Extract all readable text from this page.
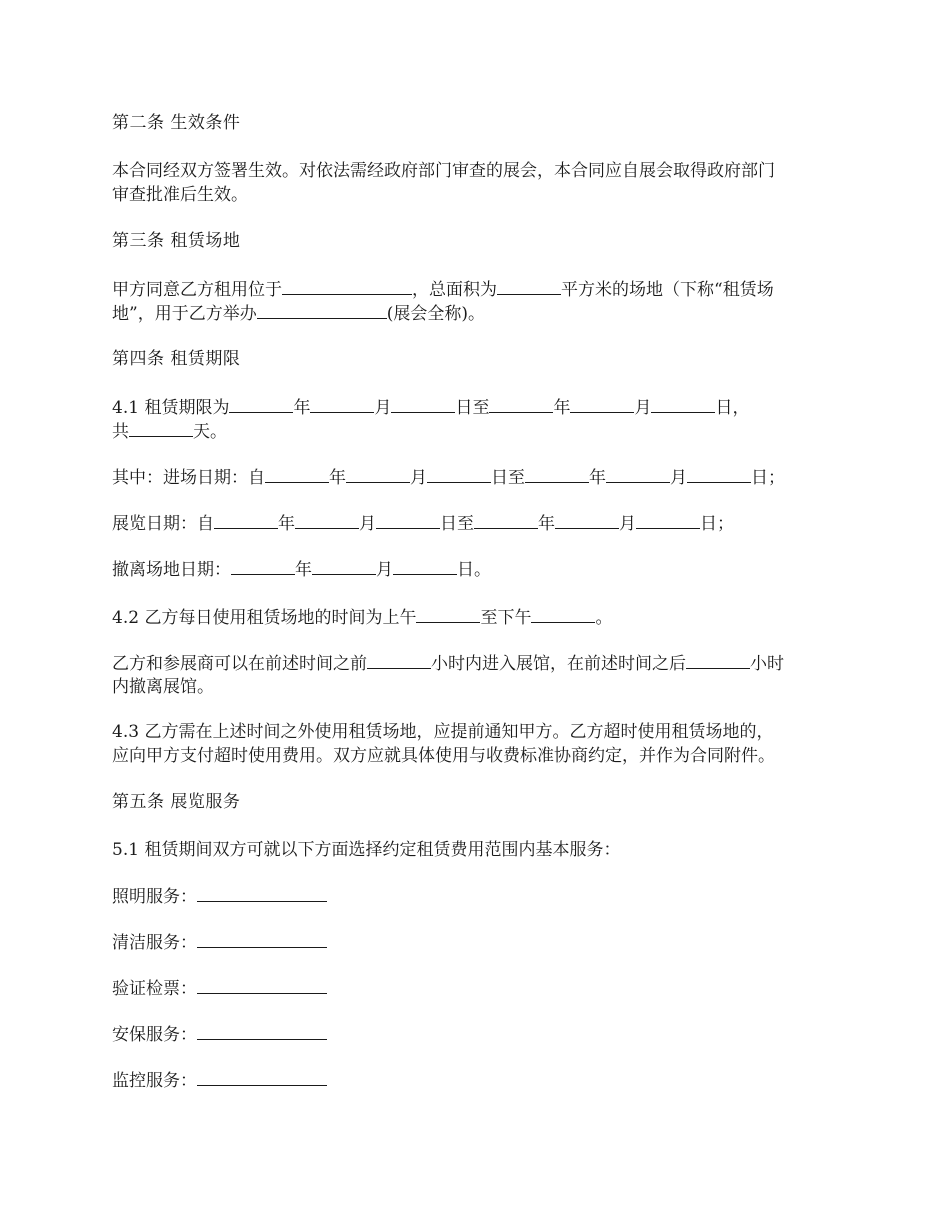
第二条 生效条件
本合同经双方签署生效。对依法需经政府部门审查的展会，本合同应自展会取得政府部门
审查批准后生效。
第三条 租赁场地
甲方同意乙方租用位于	，总面积为	平方米的场地（下称“租赁场
地”，用于乙方举办	(展会全称)。
第四条 租赁期限
4.1 租赁期限为	年	月	日至	年	月	日，
共	天。
其中：进场日期：自	年	月	日至	年	月	日；
展览日期：自	年	月	日至	年	月	日；
撤离场地日期：	年	月	日。
4.2 乙方每日使用租赁场地的时间为上午	至下午	。
乙方和参展商可以在前述时间之前	小时内进入展馆，在前述时间之后	小时
内撤离展馆。
4.3 乙方需在上述时间之外使用租赁场地，应提前通知甲方。乙方超时使用租赁场地的，
应向甲方支付超时使用费用。双方应就具体使用与收费标准协商约定，并作为合同附件。
第五条 展览服务
5.1 租赁期间双方可就以下方面选择约定租赁费用范围内基本服务：
照明服务：
清洁服务：
验证检票：
安保服务：
监控服务：
